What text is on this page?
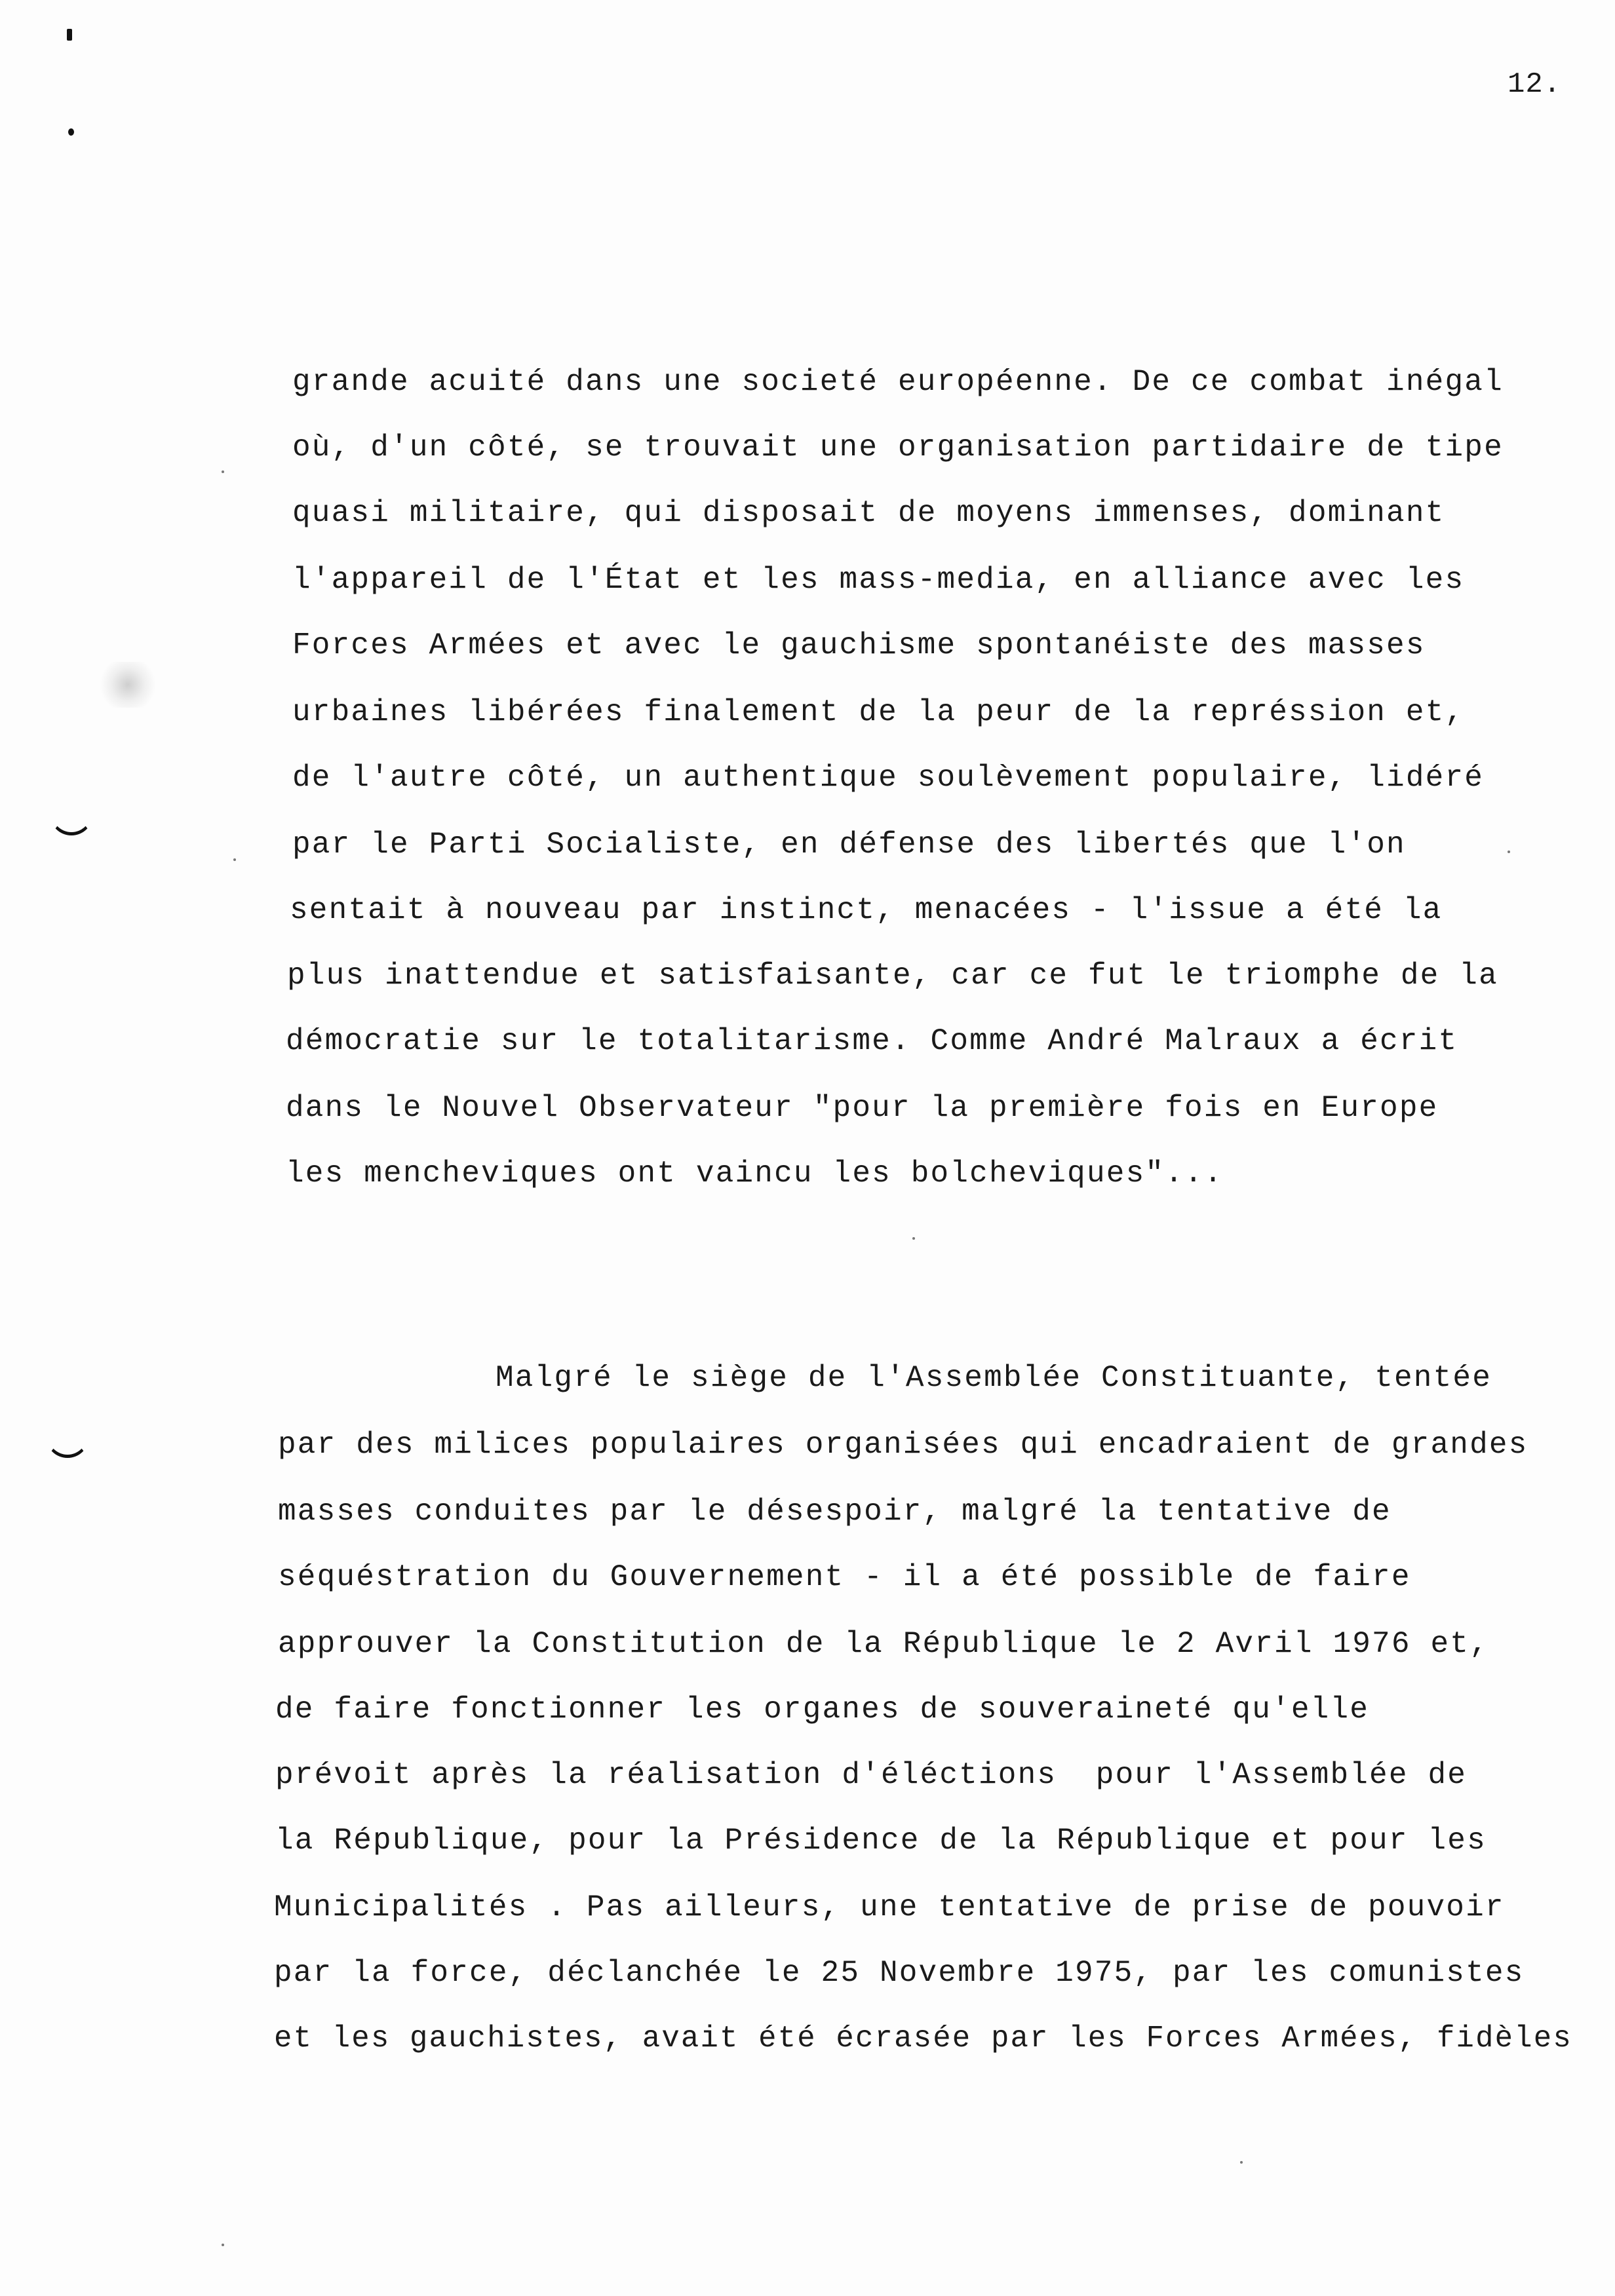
12.
grande acuité dans une societé européenne. De ce combat inégal
où, d'un côté, se trouvait une organisation partidaire de tipe
quasi militaire, qui disposait de moyens immenses, dominant
l'appareil de l'État et les mass-media, en alliance avec les
Forces Armées et avec le gauchisme spontanéiste des masses
urbaines libérées finalement de la peur de la représsion et,
de l'autre côté, un authentique soulèvement populaire, lidéré
par le Parti Socialiste, en défense des libertés que l'on
sentait à nouveau par instinct, menacées - l'issue a été la
plus inattendue et satisfaisante, car ce fut le triomphe de la
démocratie sur le totalitarisme. Comme André Malraux a écrit
dans le Nouvel Observateur "pour la première fois en Europe
les mencheviques ont vaincu les bolcheviques"...
Malgré le siège de l'Assemblée Constituante, tentée
par des milices populaires organisées qui encadraient de grandes
masses conduites par le désespoir, malgré la tentative de
séquéstration du Gouvernement - il a été possible de faire
approuver la Constitution de la République le 2 Avril 1976 et,
de faire fonctionner les organes de souveraineté qu'elle
prévoit après la réalisation d'éléctions  pour l'Assemblée de
la République, pour la Présidence de la République et pour les
Municipalités . Pas ailleurs, une tentative de prise de pouvoir
par la force, déclanchée le 25 Novembre 1975, par les comunistes
et les gauchistes, avait été écrasée par les Forces Armées, fidèles
